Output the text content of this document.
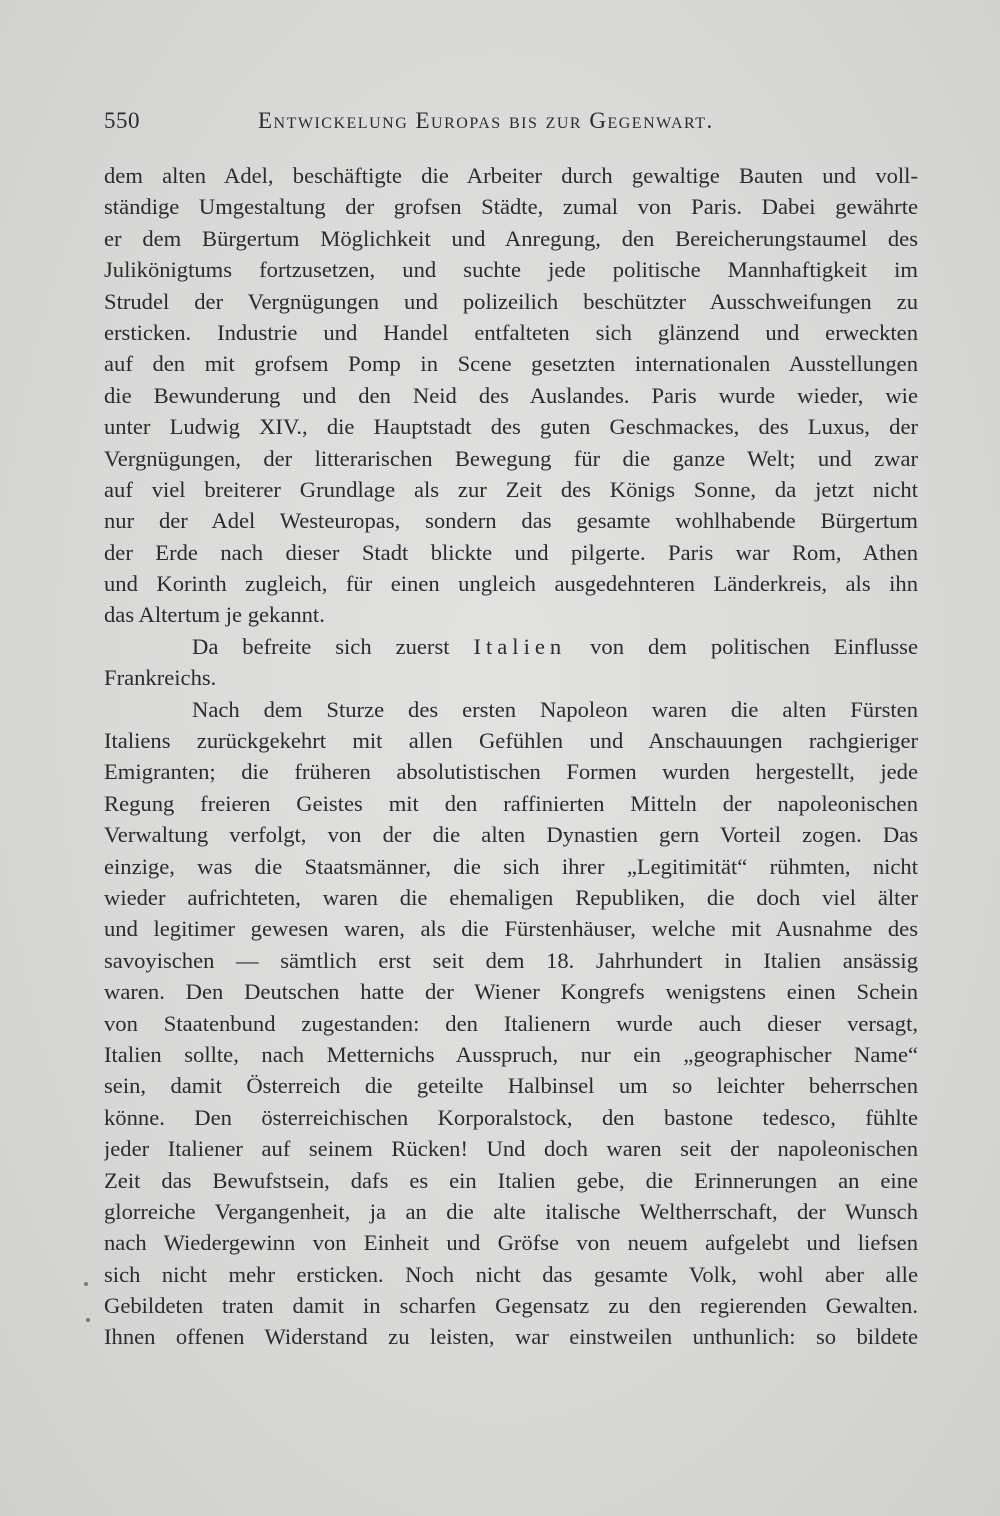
550	Entwickelung Europas bis zur Gegenwart.
dem alten Adel, beschäftigte die Arbeiter durch gewaltige Bauten und voll-
ständige Umgestaltung der grofsen Städte, zumal von Paris. Dabei gewährte
er dem Bürgertum Möglichkeit und Anregung, den Bereicherungstaumel des
Julikönigtums fortzusetzen, und suchte jede politische Mannhaftigkeit im
Strudel der Vergnügungen und polizeilich beschützter Ausschweifungen zu
ersticken. Industrie und Handel entfalteten sich glänzend und erweckten
auf den mit grofsem Pomp in Scene gesetzten internationalen Ausstellungen
die Bewunderung und den Neid des Auslandes. Paris wurde wieder, wie
unter Ludwig XIV., die Hauptstadt des guten Geschmackes, des Luxus, der
Vergnügungen, der litterarischen Bewegung für die ganze Welt; und zwar
auf viel breiterer Grundlage als zur Zeit des Königs Sonne, da jetzt nicht
nur der Adel Westeuropas, sondern das gesamte wohlhabende Bürgertum
der Erde nach dieser Stadt blickte und pilgerte. Paris war Rom, Athen
und Korinth zugleich, für einen ungleich ausgedehnteren Länderkreis, als ihn
das Altertum je gekannt.
Da befreite sich zuerst Italien von dem politischen Einflusse
Frankreichs.
Nach dem Sturze des ersten Napoleon waren die alten Fürsten
Italiens zurückgekehrt mit allen Gefühlen und Anschauungen rachgieriger
Emigranten; die früheren absolutistischen Formen wurden hergestellt, jede
Regung freieren Geistes mit den raffinierten Mitteln der napoleonischen
Verwaltung verfolgt, von der die alten Dynastien gern Vorteil zogen. Das
einzige, was die Staatsmänner, die sich ihrer „Legitimität“ rühmten, nicht
wieder aufrichteten, waren die ehemaligen Republiken, die doch viel älter
und legitimer gewesen waren, als die Fürstenhäuser, welche mit Ausnahme des
savoyischen — sämtlich erst seit dem 18. Jahrhundert in Italien ansässig
waren. Den Deutschen hatte der Wiener Kongrefs wenigstens einen Schein
von Staatenbund zugestanden: den Italienern wurde auch dieser versagt,
Italien sollte, nach Metternichs Ausspruch, nur ein „geographischer Name“
sein, damit Österreich die geteilte Halbinsel um so leichter beherrschen
könne. Den österreichischen Korporalstock, den bastone tedesco, fühlte
jeder Italiener auf seinem Rücken! Und doch waren seit der napoleonischen
Zeit das Bewufstsein, dafs es ein Italien gebe, die Erinnerungen an eine
glorreiche Vergangenheit, ja an die alte italische Weltherrschaft, der Wunsch
nach Wiedergewinn von Einheit und Gröfse von neuem aufgelebt und liefsen
sich nicht mehr ersticken. Noch nicht das gesamte Volk, wohl aber alle
Gebildeten traten damit in scharfen Gegensatz zu den regierenden Gewalten.
Ihnen offenen Widerstand zu leisten, war einstweilen unthunlich: so bildete
